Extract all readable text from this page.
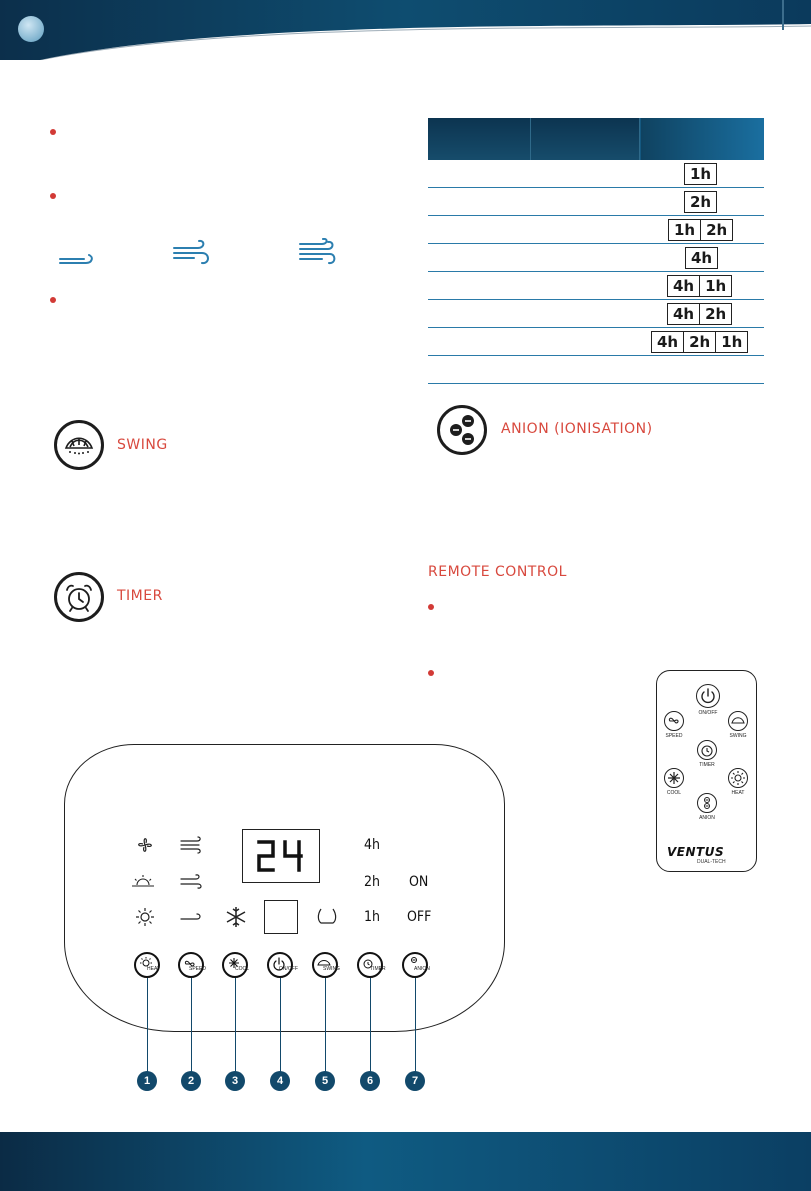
1h

2h

1h 2h

4h

4h 1h

4h 2h

4h 2h 1h

SWING
TIMER
ANION (IONISATION)
REMOTE CONTROL
ON/OFF
SPEED	SWING
TIMER
COOL	HEAT
ANION
VENTUS
DUAL-TECH
4h
2h
1h
ON
OFF
HEAT	SPEED	COOL	ON/OFF	SWING	TIMER	ANION
1	2	3	4	5	6	7
